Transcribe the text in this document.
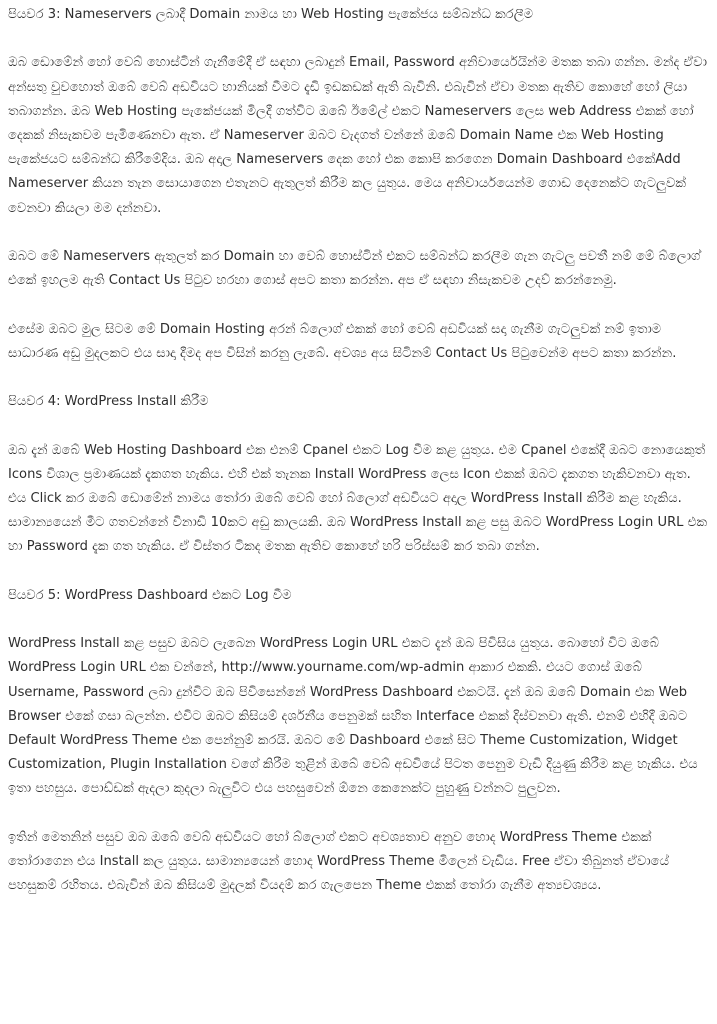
පියවර 3: Nameservers ලබාදී Domain නාමය හා Web Hosting පැකේජය සම්බන්ධ කරලීම

ඔබ ඩොමේන් හෝ වෙබ් හොස්ටින් ගැනීමේදී ඒ සඳහා ලබාදුන් Email, Password අනිවාර්යෙයින්ම මතක තබා ගන්න. මන්ද ඒවා අන්සතු වුවහොත් ඔබේ වෙබ් අඩවියට හානියක් වීමට දැඩි ඉඩකඩක් ඇති බැවිනි. එබැවින් ඒවා මතක ඇතිව කොහේ හෝ ලියා තබාගන්න. ඔබ Web Hosting පැකේජයක් මිලදී ගත්විට ඔබේ ඊමේල් එකට Nameservers ලෙස web Address එකක් හෝ දෙකක් නිසැකවම පැමිණෙනවා ඇත. ඒ Nameserver ඔබට වැදගත් වන්නේ ඔබේ Domain Name එක Web Hosting පැකේජයට සම්බන්ධ කිරීමේදිය. ඔබ අදාල Nameservers දෙක හෝ එක කොපි කරගෙන Domain Dashboard එකේAdd Nameserver කියන තැන සොයාගෙන එතැනට ඇතුලත් කිරීම කල යුතුය. මෙය අනිවාර්යයෙන්ම ගොඩ දෙනෙක්ට ගැටලුවක් වෙනවා කියලා මම දන්නවා.

ඔබට මේ Nameservers ඇතුලත් කර Domain හා වෙබ් හොස්ටින් එකට සම්බන්ධ කරලීම ගැන ගැටලු පවතී නම් මේ බ්ලොග් එකේ ඉහලම ඇති Contact Us පිටුව හරහා ගොස් අපට කතා කරන්න. අප ඒ සඳහා නිසැකවම උදව් කරන්නෙමු.

එසේම ඔබට මුල සිටම මේ Domain Hosting අරන් බ්ලොග් එකක් හෝ වෙබ් අඩවියක් සදා ගැනීම ගැටලුවක් නම් ඉතාම සාධාරණ අඩු මුදලකට එය සාදා දීමද අප විසින් කරනු ලැබේ. අවශ්‍ය අය සිටිනම් Contact Us පිටුවෙන්ම අපට කතා කරන්න.

පියවර 4: WordPress Install කිරීම

ඔබ දැන් ඔබේ Web Hosting Dashboard එක එනම් Cpanel එකට Log වීම කළ යුතුය. එම Cpanel එකේදී ඔබට නොයෙකුත් Icons විශාල ප්‍රමාණයක් දැකගත හැකිය. එහි එක් තැනක Install WordPress ලෙස Icon එකක් ඔබට දැකගත හැකිවනවා ඇත. එය Click කර ඔබේ ඩොමේන් නාමය තෝරා ඔබේ වෙබ් හෝ බ්ලොග් අඩවියට අදාල WordPress Install කිරීම කළ හැකිය. සාමාන්‍යයෙන් මීට ගතවන්නේ විනාඩි 10කට අඩු කාලයකි. ඔබ WordPress Install කළ පසු ඔබට WordPress Login URL එක හා Password දැක ගත හැකිය. ඒ විස්තර ටිකද මතක ඇතිව කොහේ හරි පරිස්සම් කර තබා ගන්න.

පියවර 5: WordPress Dashboard එකට Log වීම

WordPress Install කළ පසුව ඔබට ලැබෙන WordPress Login URL එකට දැන් ඔබ පිවිසිය යුතුය. බොහෝ විට ඔබේ WordPress Login URL එක වන්නේ, http://www.yourname.com/wp-admin ආකාර එකකි. එයට ගොස් ඔබේ Username, Password ලබා දුන්විට ඔබ පිවිසෙන්නේ WordPress Dashboard එකටයි. දැන් ඔබ ඔබේ Domain එක Web Browser එකේ ගසා බලන්න. එවිට ඔබට කිසියම් දර්ශනීය පෙනුමක් සහිත Interface එකක් දිස්වනවා ඇති. එනම් එහිදී ඔබට Default WordPress Theme එක පෙන්නුම් කරයි. ඔබට මේ Dashboard එකේ සිට Theme Customization, Widget Customization, Plugin Installation වගේ කිරීම තුළින් ඔබේ වෙබ් අඩවියේ පිටත පෙනුම වැඩි දියුණු කිරීම කළ හැකිය. එය ඉතා පහසුය. පොඩ්ඩක් ඇදලා කුදලා බැලුවිට එය පහසුවෙන් ඕනෙ කෙනෙක්ට පුහුණු වන්නට පුලුවන.

ඉතින් මෙතනින් පසුව ඔබ ඔබේ වෙබ් අඩවියට හෝ බ්ලොග් එකට අවශ්‍යතාව අනුව හොද WordPress Theme එකක් තෝරාගෙන එය Install කල යුතුය. සාමාන්‍යයෙන් හොද WordPress Theme මිලෙන් වැඩිය. Free ඒවා තිබුනත් ඒවායේ පහසුකම් රහිතය. එබැවින් ඔබ කිසියම් මුදලක් වියදම් කර ගැලපෙන Theme එකක් තෝරා ගැනීම අත්‍යවශ්‍යය.
